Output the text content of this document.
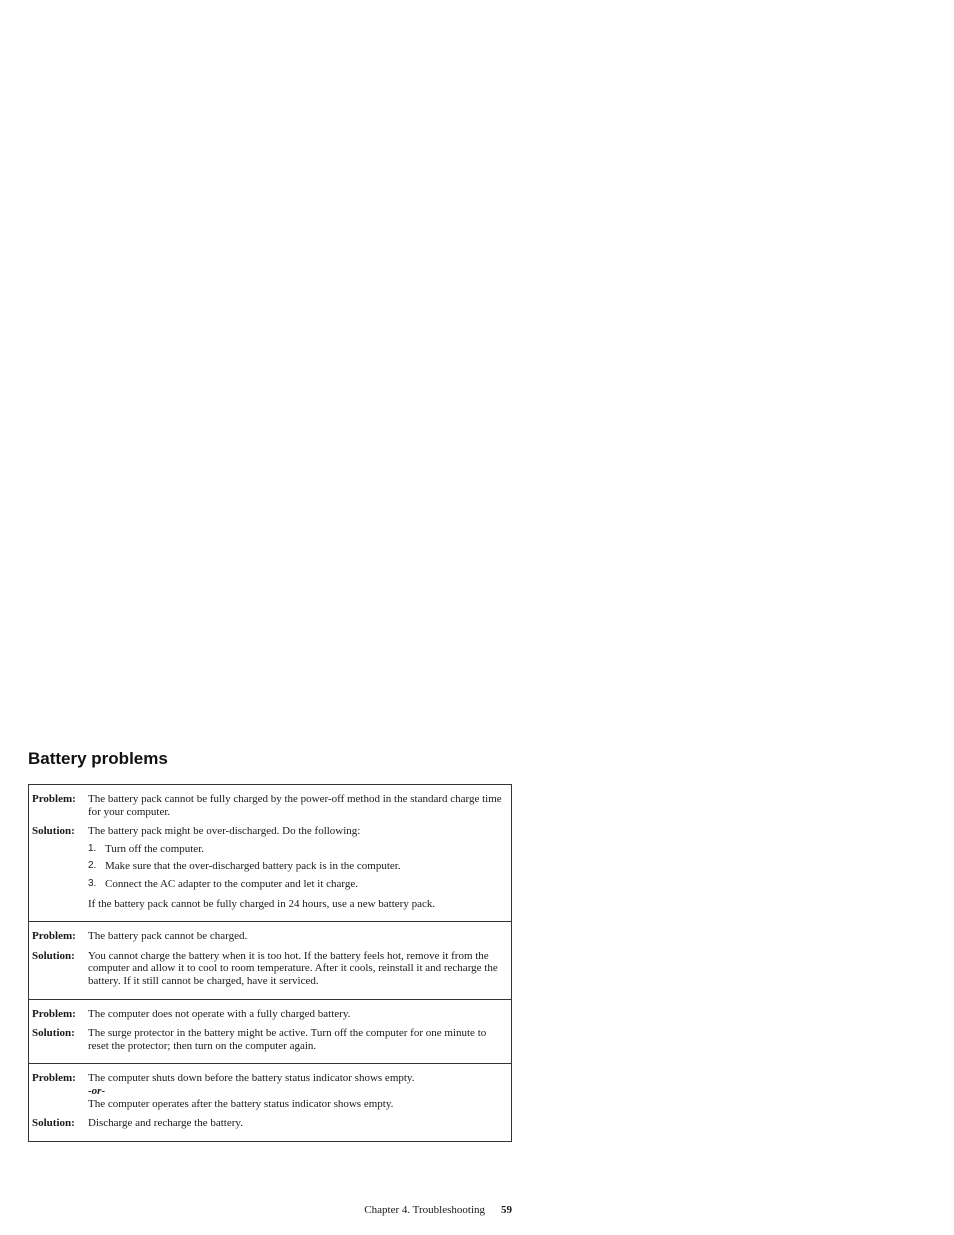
Battery problems
Problem:	The battery pack cannot be fully charged by the power-off method in the standard charge time for your computer.
Solution:	The battery pack might be over-discharged. Do the following:

1. Turn off the computer.
2. Make sure that the over-discharged battery pack is in the computer.
3. Connect the AC adapter to the computer and let it charge.

If the battery pack cannot be fully charged in 24 hours, use a new battery pack.

Problem:	The battery pack cannot be charged.
Solution:	You cannot charge the battery when it is too hot. If the battery feels hot, remove it from the computer and allow it to cool to room temperature. After it cools, reinstall it and recharge the battery. If it still cannot be charged, have it serviced.
Problem:	The computer does not operate with a fully charged battery.
Solution:	The surge protector in the battery might be active. Turn off the computer for one minute to reset the protector; then turn on the computer again.
Problem:	The computer shuts down before the battery status indicator shows empty.

-or-

The computer operates after the battery status indicator shows empty.

Solution:	Discharge and recharge the battery.
Chapter 4. Troubleshooting 59
